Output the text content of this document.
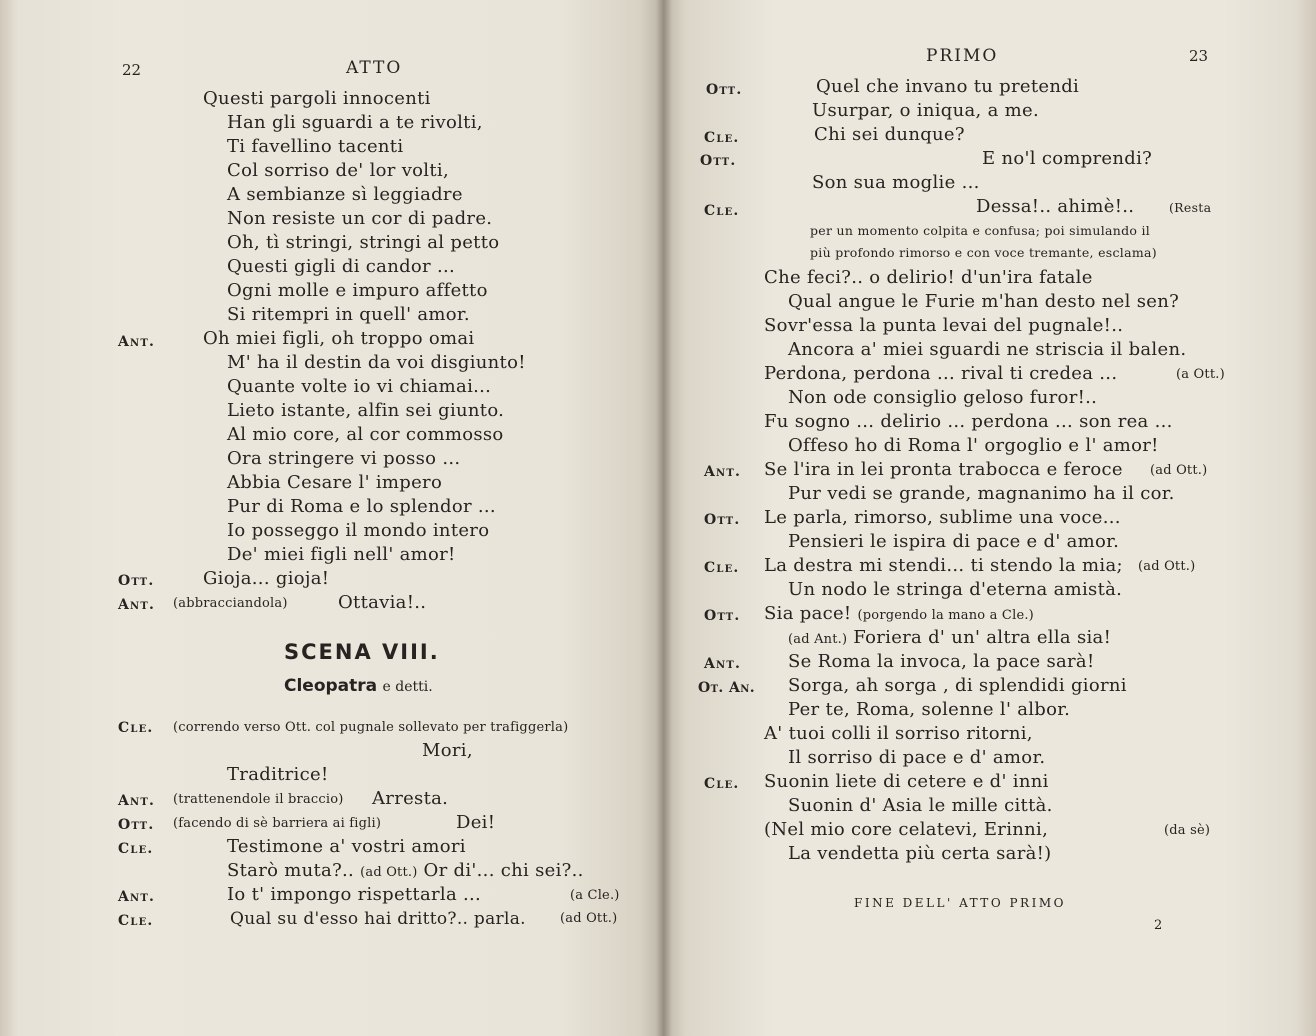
22	ATTO
Questi pargoli innocenti
Han gli sguardi a te rivolti,
Ti favellino tacenti
Col sorriso de' lor volti,
A sembianze sì leggiadre
Non resiste un cor di padre.
Oh, tì stringi, stringi al petto
Questi gigli di candor ...
Ogni molle e impuro affetto
Si ritempri in quell' amor.
Ant.	Oh miei figli, oh troppo omai
M' ha il destin da voi disgiunto!
Quante volte io vi chiamai...
Lieto istante, alfin sei giunto.
Al mio core, al cor commosso
Ora stringere vi posso ...
Abbia Cesare l' impero
Pur di Roma e lo splendor ...
Io posseggo il mondo intero
De' miei figli nell' amor!
Ott.	Gioja... gioja!
Ant. (abbracciandola)	Ottavia!..
SCENA VIII.
Cleopatra e detti.
Cle. (correndo verso Ott. col pugnale sollevato per trafiggerla)
Mori,
Traditrice!
Ant. (trattenendole il braccio) Arresta.
Ott. (facendo di sè barriera ai figli)	Dei!
Cle.	Testimone a' vostri amori
Starò muta?.. (ad Ott.) Or di'... chi sei?..
Ant.	Io t' impongo rispettarla ...	(a Cle.)
Cle.	Qual su d'esso hai dritto?.. parla.	(ad Ott.)
PRIMO	23
Ott.	Quel che invano tu pretendi
Usurpar, o iniqua, a me.
Cle.	Chi sei dunque?
Ott.	E no'l comprendi?
Son sua moglie ...
Cle.	Dessa!.. ahimè!..	(Resta
per un momento colpita e confusa; poi simulando il
più profondo rimorso e con voce tremante, esclama)
Che feci?.. o delirio! d'un'ira fatale
Qual angue le Furie m'han desto nel sen?
Sovr'essa la punta levai del pugnale!..
Ancora a' miei sguardi ne striscia il balen.
Perdona, perdona ... rival ti credea ...	(a Ott.)
Non ode consiglio geloso furor!..
Fu sogno ... delirio ... perdona ... son rea ...
Offeso ho di Roma l' orgoglio e l' amor!
Ant. Se l'ira in lei pronta trabocca e feroce (ad Ott.)
Pur vedi se grande, magnanimo ha il cor.
Ott. Le parla, rimorso, sublime una voce...
Pensieri le ispira di pace e d' amor.
Cle. La destra mi stendi... ti stendo la mia; (ad Ott.)
Un nodo le stringa d'eterna amistà.
Ott. Sia pace! (porgendo la mano a Cle.)
(ad Ant.) Foriera d' un' altra ella sia!
Ant.	Se Roma la invoca, la pace sarà!
Ot. An. Sorga, ah sorga , di splendidi giorni
Per te, Roma, solenne l' albor.
A' tuoi colli il sorriso ritorni,
Il sorriso di pace e d' amor.
Cle. Suonin liete di cetere e d' inni
Suonin d' Asia le mille città.
(Nel mio core celatevi, Erinni,	(da sè)
La vendetta più certa sarà!)
FINE DELL' ATTO PRIMO
2
